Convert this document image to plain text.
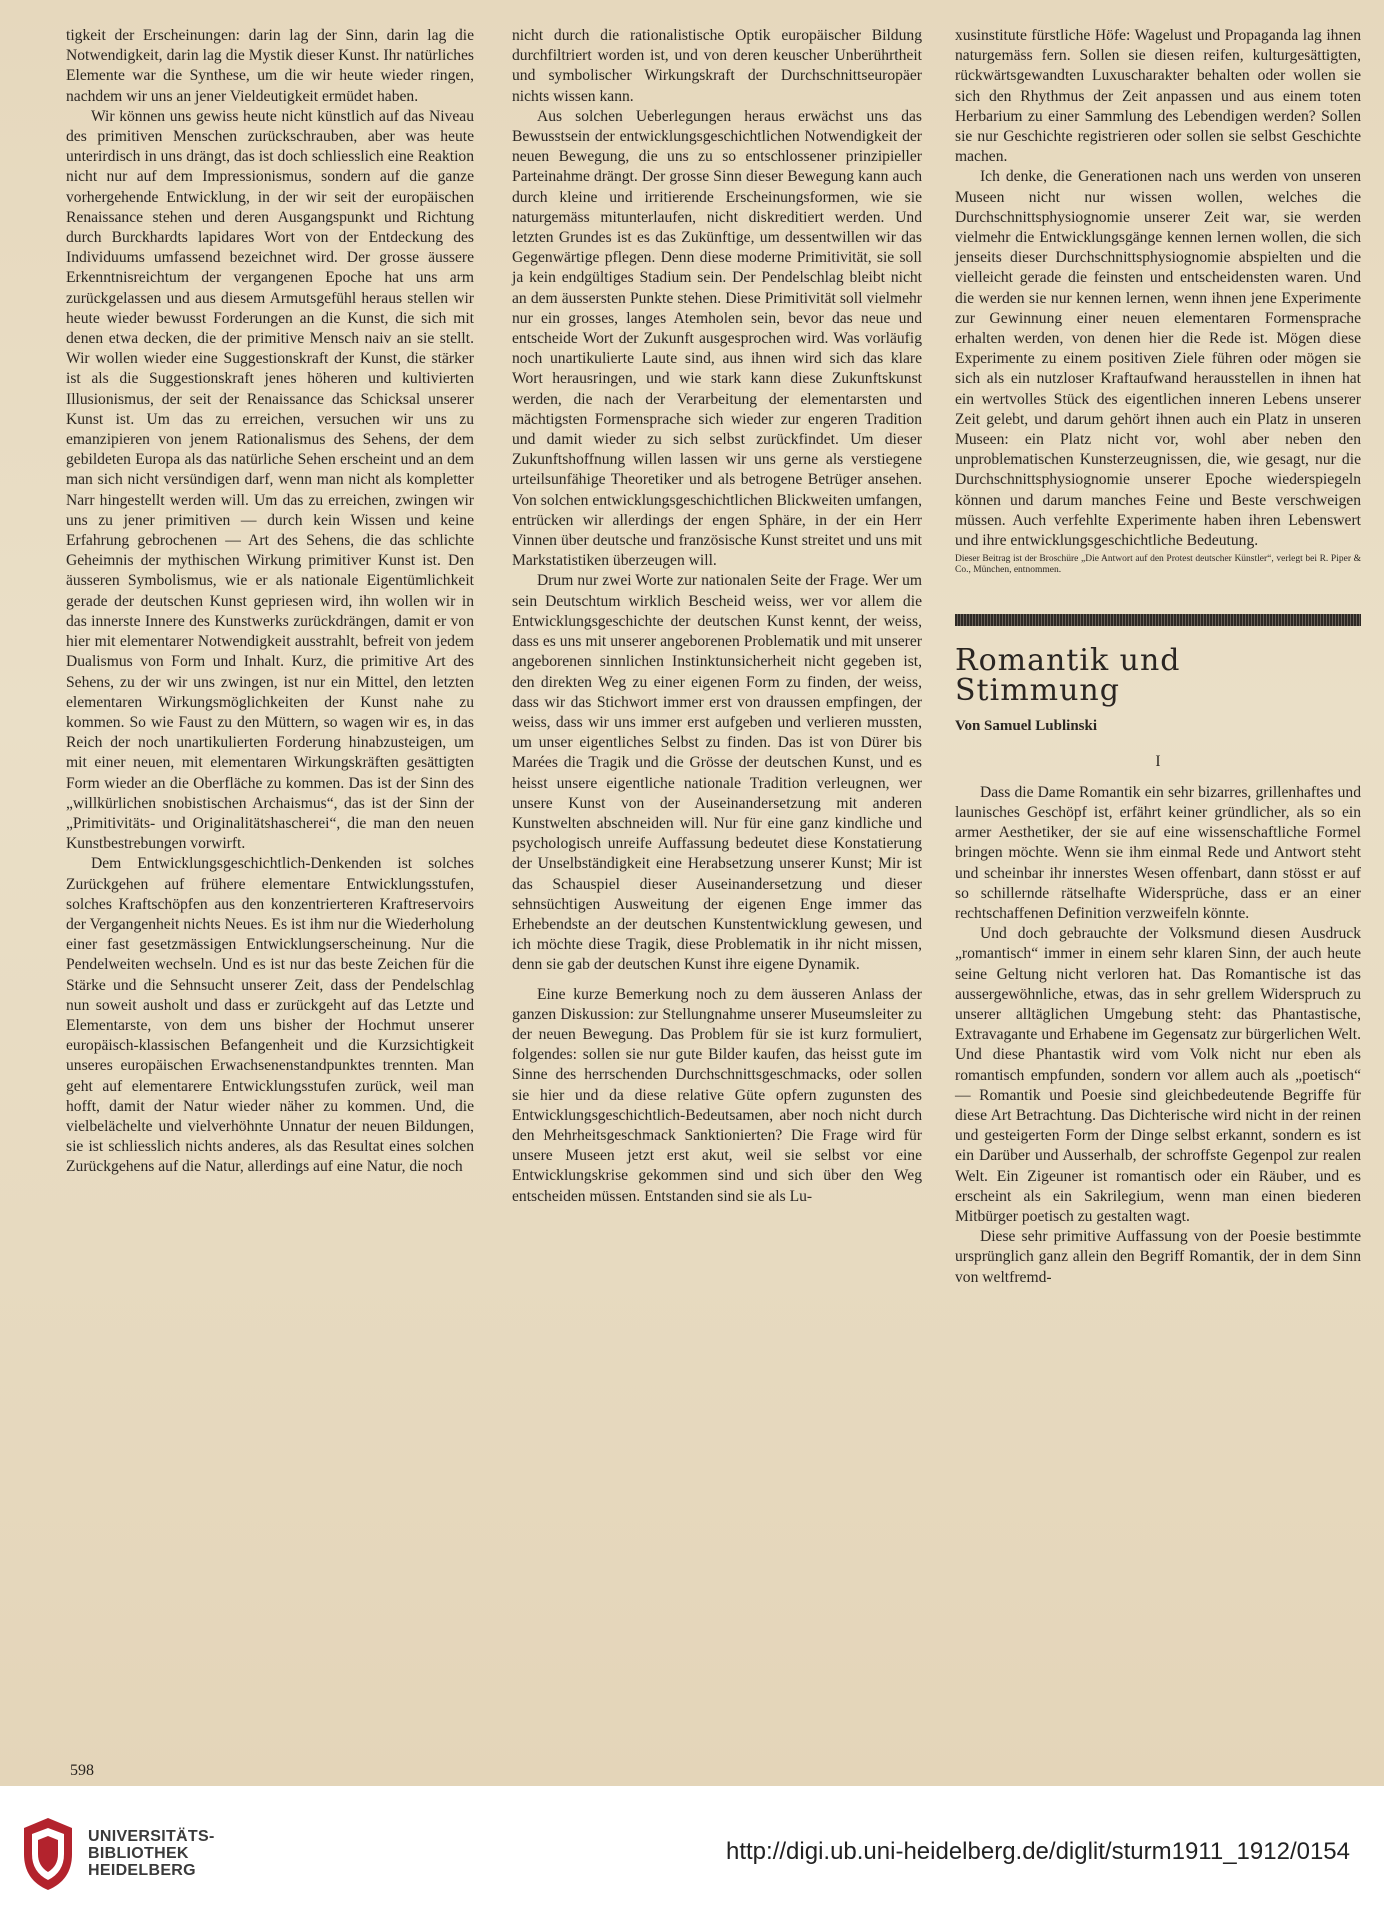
tigkeit der Erscheinungen: darin lag der Sinn, darin lag die Notwendigkeit, darin lag die Mystik dieser Kunst. Ihr natürliches Elemente war die Synthese, um die wir heute wieder ringen, nachdem wir uns an jener Vieldeutigkeit ermüdet haben.

Wir können uns gewiss heute nicht künstlich auf das Niveau des primitiven Menschen zurückschrauben, aber was heute unterirdisch in uns drängt, das ist doch schliesslich eine Reaktion nicht nur auf dem Impressionismus, sondern auf die ganze vorhergehende Entwicklung, in der wir seit der europäischen Renaissance stehen und deren Ausgangspunkt und Richtung durch Burckhardts lapidares Wort von der Entdeckung des Individuums umfassend bezeichnet wird. Der grosse äussere Erkenntnisreichtum der vergangenen Epoche hat uns arm zurückgelassen und aus diesem Armutsgefühl heraus stellen wir heute wieder bewusst Forderungen an die Kunst, die sich mit denen etwa decken, die der primitive Mensch naiv an sie stellt. Wir wollen wieder eine Suggestionskraft der Kunst, die stärker ist als die Suggestionskraft jenes höheren und kultivierten Illusionismus, der seit der Renaissance das Schicksal unserer Kunst ist. Um das zu erreichen, versuchen wir uns zu emanzipieren von jenem Rationalismus des Sehens, der dem gebildeten Europa als das natürliche Sehen erscheint und an dem man sich nicht versündigen darf, wenn man nicht als kompletter Narr hingestellt werden will. Um das zu erreichen, zwingen wir uns zu jener primitiven — durch kein Wissen und keine Erfahrung gebrochenen — Art des Sehens, die das schlichte Geheimnis der mythischen Wirkung primitiver Kunst ist. Den äusseren Symbolismus, wie er als nationale Eigentümlichkeit gerade der deutschen Kunst gepriesen wird, ihn wollen wir in das innerste Innere des Kunstwerks zurückdrängen, damit er von hier mit elementarer Notwendigkeit ausstrahlt, befreit von jedem Dualismus von Form und Inhalt. Kurz, die primitive Art des Sehens, zu der wir uns zwingen, ist nur ein Mittel, den letzten elementaren Wirkungsmöglichkeiten der Kunst nahe zu kommen. So wie Faust zu den Müttern, so wagen wir es, in das Reich der noch unartikulierten Forderung hinabzusteigen, um mit einer neuen, mit elementaren Wirkungskräften gesättigten Form wieder an die Oberfläche zu kommen. Das ist der Sinn des „willkürlichen snobistischen Archaismus“, das ist der Sinn der „Primitivitäts- und Originalitätshascherei“, die man den neuen Kunstbestrebungen vorwirft.

Dem Entwicklungsgeschichtlich-Denkenden ist solches Zurückgehen auf frühere elementare Entwicklungsstufen, solches Kraftschöpfen aus den konzentrierteren Kraftreservoirs der Vergangenheit nichts Neues. Es ist ihm nur die Wiederholung einer fast gesetzmässigen Entwicklungserscheinung. Nur die Pendelweiten wechseln. Und es ist nur das beste Zeichen für die Stärke und die Sehnsucht unserer Zeit, dass der Pendelschlag nun soweit ausholt und dass er zurückgeht auf das Letzte und Elementarste, von dem uns bisher der Hochmut unserer europäisch-klassischen Befangenheit und die Kurzsichtigkeit unseres europäischen Erwachsenenstandpunktes trennten. Man geht auf elementarere Entwicklungsstufen zurück, weil man hofft, damit der Natur wieder näher zu kommen. Und, die vielbelächelte und vielverhöhnte Unnatur der neuen Bildungen, sie ist schliesslich nichts anderes, als das Resultat eines solchen Zurückgehens auf die Natur, allerdings auf eine Natur, die noch

nicht durch die rationalistische Optik europäischer Bildung durchfiltriert worden ist, und von deren keuscher Unberührtheit und symbolischer Wirkungskraft der Durchschnittseuropäer nichts wissen kann.

Aus solchen Ueberlegungen heraus erwächst uns das Bewusstsein der entwicklungsgeschichtlichen Notwendigkeit der neuen Bewegung, die uns zu so entschlossener prinzipieller Parteinahme drängt. Der grosse Sinn dieser Bewegung kann auch durch kleine und irritierende Erscheinungsformen, wie sie naturgemäss mitunterlaufen, nicht diskreditiert werden. Und letzten Grundes ist es das Zukünftige, um dessentwillen wir das Gegenwärtige pflegen. Denn diese moderne Primitivität, sie soll ja kein endgültiges Stadium sein. Der Pendelschlag bleibt nicht an dem äussersten Punkte stehen. Diese Primitivität soll vielmehr nur ein grosses, langes Atemholen sein, bevor das neue und entscheide Wort der Zukunft ausgesprochen wird. Was vorläufig noch unartikulierte Laute sind, aus ihnen wird sich das klare Wort herausringen, und wie stark kann diese Zukunftskunst werden, die nach der Verarbeitung der elementarsten und mächtigsten Formensprache sich wieder zur engeren Tradition und damit wieder zu sich selbst zurückfindet. Um dieser Zukunftshoffnung willen lassen wir uns gerne als verstiegene urteilsunfähige Theoretiker und als betrogene Betrüger ansehen. Von solchen entwicklungsgeschichtlichen Blickweiten umfangen, entrücken wir allerdings der engen Sphäre, in der ein Herr Vinnen über deutsche und französische Kunst streitet und uns mit Markstatistiken überzeugen will.

Drum nur zwei Worte zur nationalen Seite der Frage. Wer um sein Deutschtum wirklich Bescheid weiss, wer vor allem die Entwicklungsgeschichte der deutschen Kunst kennt, der weiss, dass es uns mit unserer angeborenen Problematik und mit unserer angeborenen sinnlichen Instinktunsicherheit nicht gegeben ist, den direkten Weg zu einer eigenen Form zu finden, der weiss, dass wir das Stichwort immer erst von draussen empfingen, der weiss, dass wir uns immer erst aufgeben und verlieren mussten, um unser eigentliches Selbst zu finden. Das ist von Dürer bis Marées die Tragik und die Grösse der deutschen Kunst, und es heisst unsere eigentliche nationale Tradition verleugnen, wer unsere Kunst von der Auseinandersetzung mit anderen Kunstwelten abschneiden will. Nur für eine ganz kindliche und psychologisch unreife Auffassung bedeutet diese Konstatierung der Unselbständigkeit eine Herabsetzung unserer Kunst; Mir ist das Schauspiel dieser Auseinandersetzung und dieser sehnsüchtigen Ausweitung der eigenen Enge immer das Erhebendste an der deutschen Kunstentwicklung gewesen, und ich möchte diese Tragik, diese Problematik in ihr nicht missen, denn sie gab der deutschen Kunst ihre eigene Dynamik.

Eine kurze Bemerkung noch zu dem äusseren Anlass der ganzen Diskussion: zur Stellungnahme unserer Museumsleiter zu der neuen Bewegung. Das Problem für sie ist kurz formuliert, folgendes: sollen sie nur gute Bilder kaufen, das heisst gute im Sinne des herrschenden Durchschnittsgeschmacks, oder sollen sie hier und da diese relative Güte opfern zugunsten des Entwicklungsgeschichtlich-Bedeutsamen, aber noch nicht durch den Mehrheitsgeschmack Sanktionierten? Die Frage wird für unsere Museen jetzt erst akut, weil sie selbst vor eine Entwicklungskrise gekommen sind und sich über den Weg entscheiden müssen. Entstanden sind sie als Lu-

xusinstitute fürstliche Höfe: Wagelust und Propaganda lag ihnen naturgemäss fern. Sollen sie diesen reifen, kulturgesättigten, rückwärtsgewandten Luxuscharakter behalten oder wollen sie sich den Rhythmus der Zeit anpassen und aus einem toten Herbarium zu einer Sammlung des Lebendigen werden? Sollen sie nur Geschichte registrieren oder sollen sie selbst Geschichte machen.

Ich denke, die Generationen nach uns werden von unseren Museen nicht nur wissen wollen, welches die Durchschnittsphysiognomie unserer Zeit war, sie werden vielmehr die Entwicklungsgänge kennen lernen wollen, die sich jenseits dieser Durchschnittsphysiognomie abspielten und die vielleicht gerade die feinsten und entscheidensten waren. Und die werden sie nur kennen lernen, wenn ihnen jene Experimente zur Gewinnung einer neuen elementaren Formensprache erhalten werden, von denen hier die Rede ist. Mögen diese Experimente zu einem positiven Ziele führen oder mögen sie sich als ein nutzloser Kraftaufwand herausstellen in ihnen hat ein wertvolles Stück des eigentlichen inneren Lebens unserer Zeit gelebt, und darum gehört ihnen auch ein Platz in unseren Museen: ein Platz nicht vor, wohl aber neben den unproblematischen Kunsterzeugnissen, die, wie gesagt, nur die Durchschnittsphysiognomie unserer Epoche wiederspiegeln können und darum manches Feine und Beste verschweigen müssen. Auch verfehlte Experimente haben ihren Lebenswert und ihre entwicklungsgeschichtliche Bedeutung.

Dieser Beitrag ist der Broschüre „Die Antwort auf den Protest deutscher Künstler“, verlegt bei R. Piper & Co., München, entnommen.

Romantik und
Stimmung
Von Samuel Lublinski
I

Dass die Dame Romantik ein sehr bizarres, grillenhaftes und launisches Geschöpf ist, erfährt keiner gründlicher, als so ein armer Aesthetiker, der sie auf eine wissenschaftliche Formel bringen möchte. Wenn sie ihm einmal Rede und Antwort steht und scheinbar ihr innerstes Wesen offenbart, dann stösst er auf so schillernde rätselhafte Widersprüche, dass er an einer rechtschaffenen Definition verzweifeln könnte.

Und doch gebrauchte der Volksmund diesen Ausdruck „romantisch“ immer in einem sehr klaren Sinn, der auch heute seine Geltung nicht verloren hat. Das Romantische ist das aussergewöhnliche, etwas, das in sehr grellem Widerspruch zu unserer alltäglichen Umgebung steht: das Phantastische, Extravagante und Erhabene im Gegensatz zur bürgerlichen Welt. Und diese Phantastik wird vom Volk nicht nur eben als romantisch empfunden, sondern vor allem auch als „poetisch“ — Romantik und Poesie sind gleichbedeutende Begriffe für diese Art Betrachtung. Das Dichterische wird nicht in der reinen und gesteigerten Form der Dinge selbst erkannt, sondern es ist ein Darüber und Ausserhalb, der schroffste Gegenpol zur realen Welt. Ein Zigeuner ist romantisch oder ein Räuber, und es erscheint als ein Sakrilegium, wenn man einen biederen Mitbürger poetisch zu gestalten wagt.

Diese sehr primitive Auffassung von der Poesie bestimmte ursprünglich ganz allein den Begriff Romantik, der in dem Sinn von weltfremd-

598
UNIVERSITÄTS-
BIBLIOTHEK
HEIDELBERG
http://digi.ub.uni-heidelberg.de/diglit/sturm1911_1912/0154
